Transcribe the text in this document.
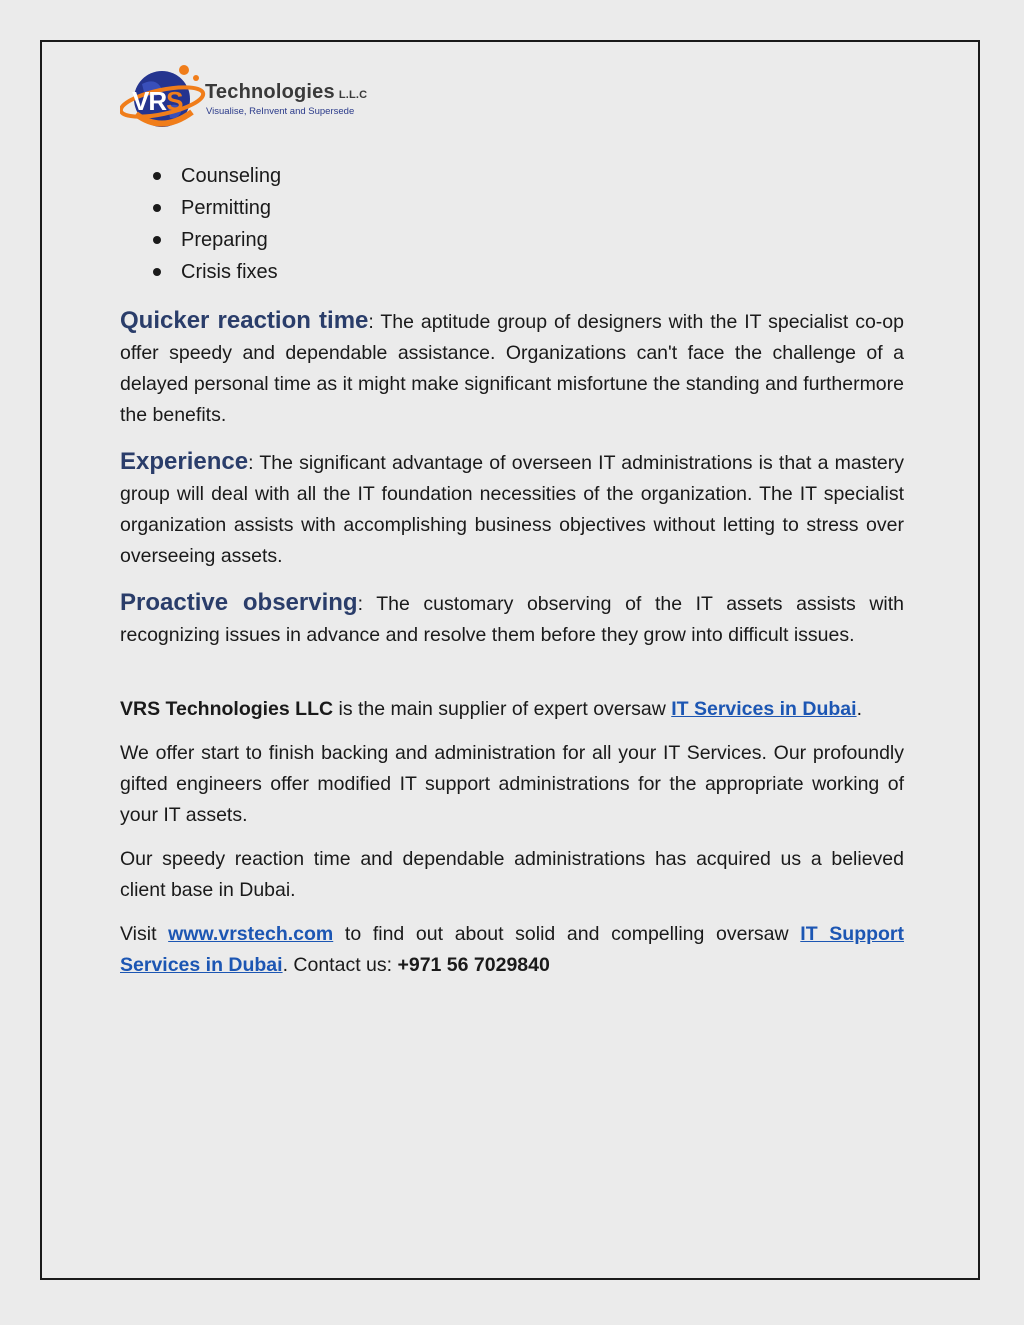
VRS Technologies L.L.C
Visualise, ReInvent and Supersede
Counseling
Permitting
Preparing
Crisis fixes

Quicker reaction time: The aptitude group of designers with the IT specialist co-op offer speedy and dependable assistance. Organizations can't face the challenge of a delayed personal time as it might make significant misfortune the standing and furthermore the benefits.

Experience: The significant advantage of overseen IT administrations is that a mastery group will deal with all the IT foundation necessities of the organization. The IT specialist organization assists with accomplishing business objectives without letting to stress over overseeing assets.

Proactive observing: The customary observing of the IT assets assists with recognizing issues in advance and resolve them before they grow into difficult issues.

VRS Technologies LLC is the main supplier of expert oversaw IT Services in Dubai.

We offer start to finish backing and administration for all your IT Services. Our profoundly gifted engineers offer modified IT support administrations for the appropriate working of your IT assets.

Our speedy reaction time and dependable administrations has acquired us a believed client base in Dubai.

Visit www.vrstech.com to find out about solid and compelling oversaw IT Support Services in Dubai. Contact us: +971 56 7029840
